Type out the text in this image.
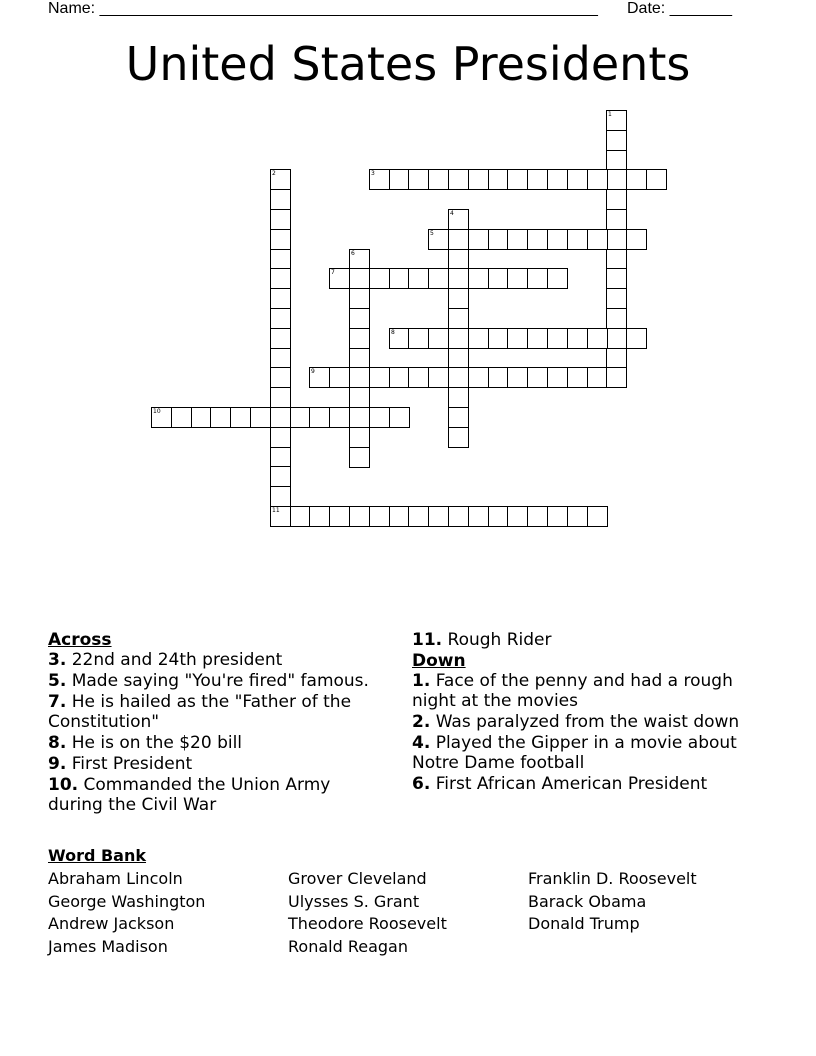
Name: ________________________________________________________ Date: _______
United States Presidents
1
2	3
4
5
6
7
8
9
10
11
Across
3. 22nd and 24th president
5. Made saying "You're fired" famous.
7. He is hailed as the "Father of the Constitution"
8. He is on the $20 bill
9. First President
10. Commanded the Union Army during the Civil War
11. Rough Rider
Down
1. Face of the penny and had a rough night at the movies
2. Was paralyzed from the waist down
4. Played the Gipper in a movie about Notre Dame football
6. First African American President
Word Bank
Abraham Lincoln
George Washington
Andrew Jackson
James Madison
Grover Cleveland
Ulysses S. Grant
Theodore Roosevelt
Ronald Reagan
Franklin D. Roosevelt
Barack Obama
Donald Trump
